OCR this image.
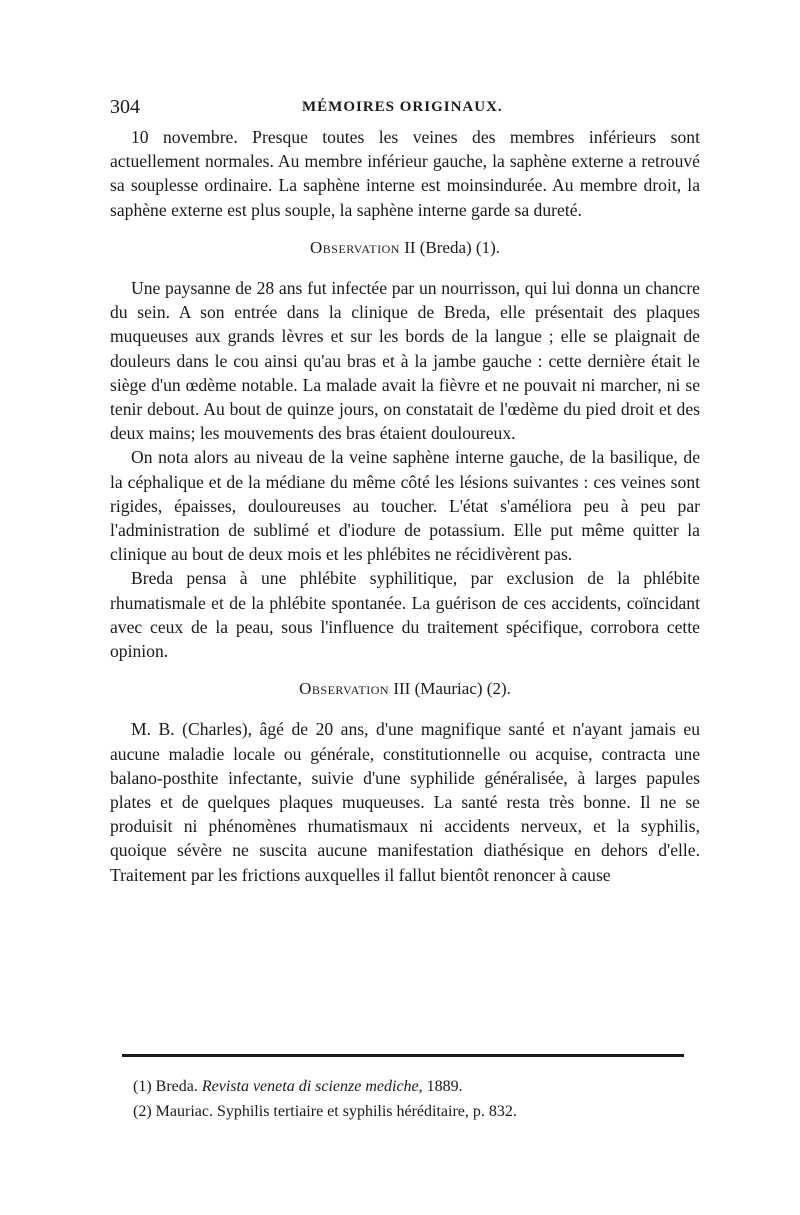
304	MÉMOIRES ORIGINAUX.

10 novembre. Presque toutes les veines des membres inférieurs sont actuellement normales. Au membre inférieur gauche, la saphène externe a retrouvé sa souplesse ordinaire. La saphène interne est moinsindurée. Au membre droit, la saphène externe est plus souple, la saphène interne garde sa dureté.

Observation II (Breda) (1).

Une paysanne de 28 ans fut infectée par un nourrisson, qui lui donna un chancre du sein. A son entrée dans la clinique de Breda, elle présentait des plaques muqueuses aux grands lèvres et sur les bords de la langue ; elle se plaignait de douleurs dans le cou ainsi qu'au bras et à la jambe gauche : cette dernière était le siège d'un œdème notable. La malade avait la fièvre et ne pouvait ni marcher, ni se tenir debout. Au bout de quinze jours, on constatait de l'œdème du pied droit et des deux mains; les mouvements des bras étaient douloureux.

On nota alors au niveau de la veine saphène interne gauche, de la basilique, de la céphalique et de la médiane du même côté les lésions suivantes : ces veines sont rigides, épaisses, douloureuses au toucher. L'état s'améliora peu à peu par l'administration de sublimé et d'iodure de potassium. Elle put même quitter la clinique au bout de deux mois et les phlébites ne récidivèrent pas.

Breda pensa à une phlébite syphilitique, par exclusion de la phlébite rhumatismale et de la phlébite spontanée. La guérison de ces accidents, coïncidant avec ceux de la peau, sous l'influence du traitement spécifique, corrobora cette opinion.

Observation III (Mauriac) (2).

M. B. (Charles), âgé de 20 ans, d'une magnifique santé et n'ayant jamais eu aucune maladie locale ou générale, constitutionnelle ou acquise, contracta une balano-posthite infectante, suivie d'une syphilide généralisée, à larges papules plates et de quelques plaques muqueuses. La santé resta très bonne. Il ne se produisit ni phénomènes rhumatismaux ni accidents nerveux, et la syphilis, quoique sévère ne suscita aucune manifestation diathésique en dehors d'elle. Traitement par les frictions auxquelles il fallut bientôt renoncer à cause

(1) Breda. Revista veneta di scienze mediche, 1889.

(2) Mauriac. Syphilis tertiaire et syphilis héréditaire, p. 832.
